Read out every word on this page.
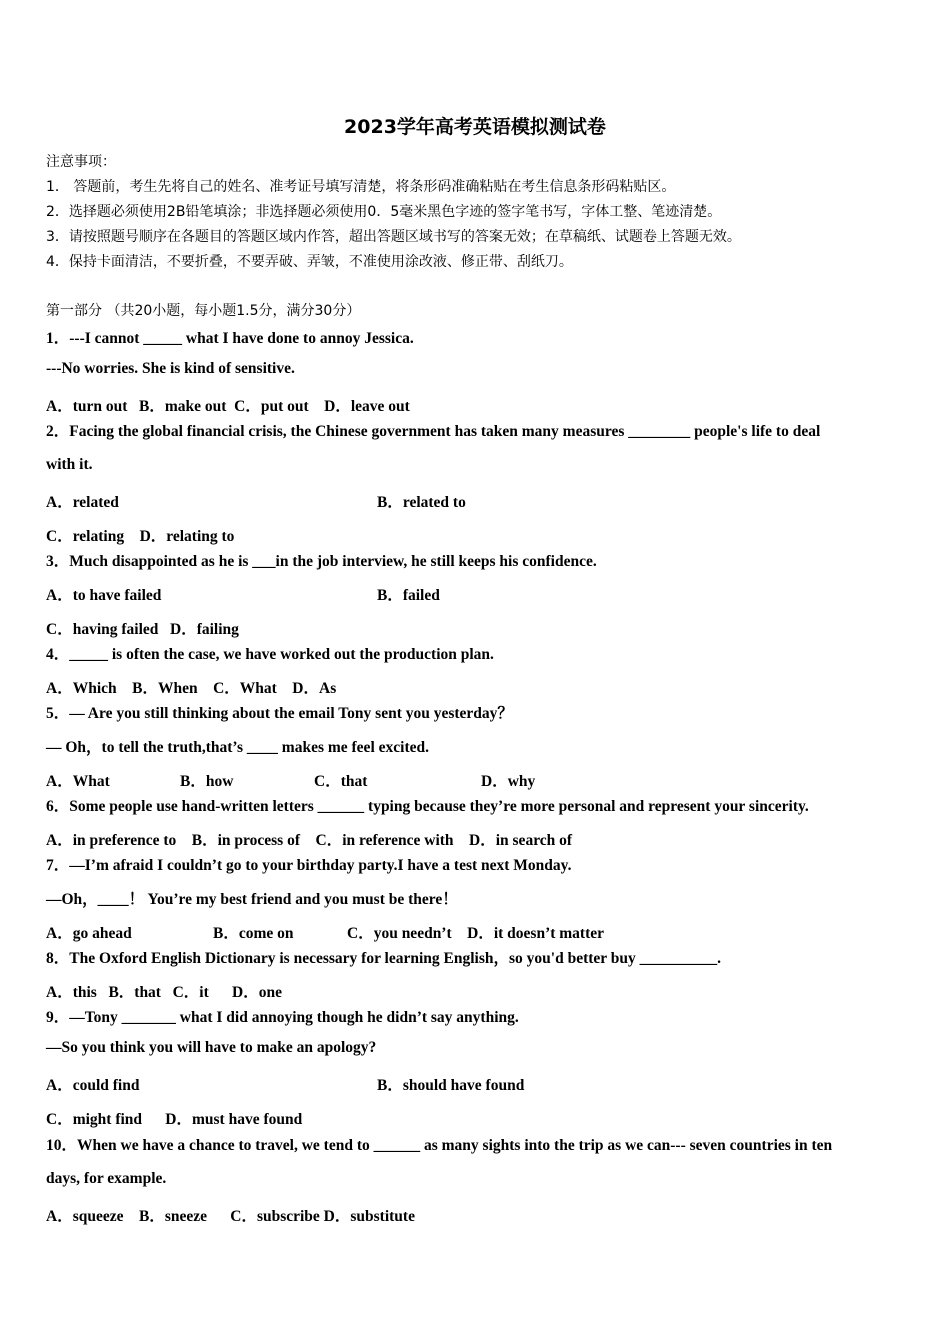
2023学年高考英语模拟测试卷
注意事项：
1． 答题前，考生先将自己的姓名、准考证号填写清楚，将条形码准确粘贴在考生信息条形码粘贴区。
2．选择题必须使用2B铅笔填涂；非选择题必须使用0．5毫米黑色字迹的签字笔书写，字体工整、笔迹清楚。
3．请按照题号顺序在各题目的答题区域内作答，超出答题区域书写的答案无效；在草稿纸、试题卷上答题无效。
4．保持卡面清洁，不要折叠，不要弄破、弄皱，不准使用涂改液、修正带、刮纸刀。
第一部分 （共20小题，每小题1.5分，满分30分）
1．---I cannot _____ what I have done to annoy Jessica.
---No worries. She is kind of sensitive.
A．turn out   B．make out  C．put out    D．leave out
2．Facing the global financial crisis, the Chinese government has taken many measures ________ people's life to deal
with it.
A．related	B．related to
C．relating    D．relating to
3．Much disappointed as he is ___in the job interview, he still keeps his confidence.
A．to have failed	B．failed
C．having failed   D．failing
4．_____ is often the case, we have worked out the production plan.
A．Which    B．When    C．What    D．As
5．— Are you still thinking about the email Tony sent you yesterday？
— Oh，to tell the truth,that’s ____ makes me feel excited.
A．What	B．how	C．that	D．why
6．Some people use hand-written letters ______ typing because they’re more personal and represent your sincerity.
A．in preference to    B．in process of    C．in reference with    D．in search of
7．—I’m afraid I couldn’t go to your birthday party.I have a test next Monday.
—Oh，____！ You’re my best friend and you must be there！
A．go ahead	B．come on	C．you needn’t    D．it doesn’t matter
8．The Oxford English Dictionary is necessary for learning English，so you'd better buy __________.
A．this   B．that   C．it      D．one
9．—Tony _______ what I did annoying though he didn’t say anything.
—So you think you will have to make an apology?
A．could find	B．should have found
C．might find      D．must have found
10．When we have a chance to travel, we tend to ______ as many sights into the trip as we can--- seven countries in ten
days, for example.
A．squeeze    B．sneeze      C．subscribe D．substitute
